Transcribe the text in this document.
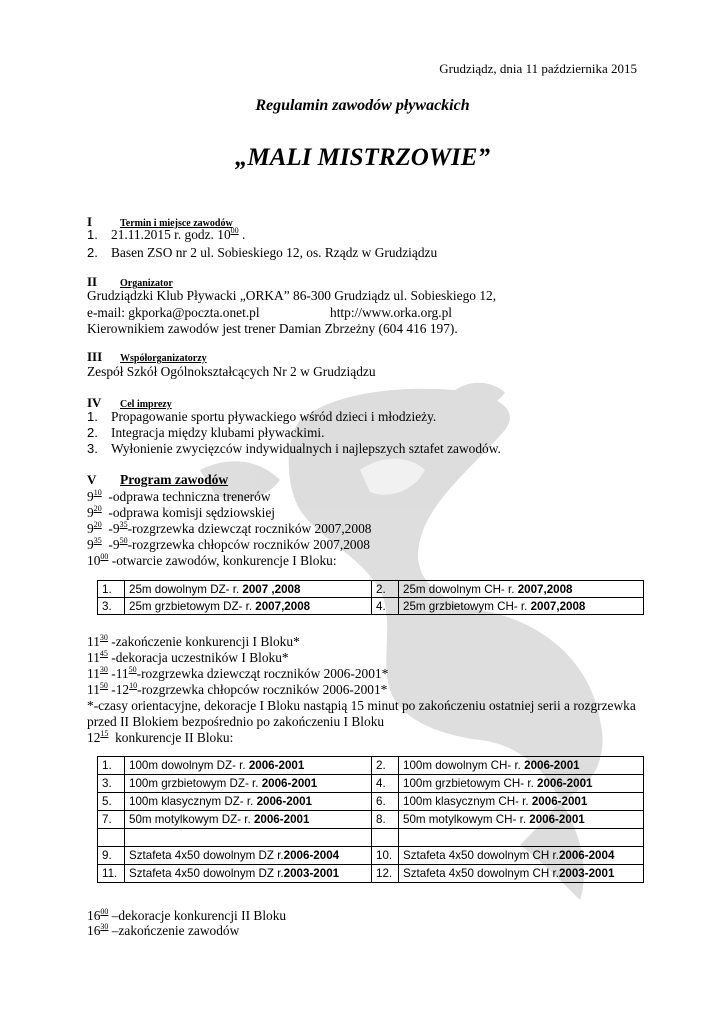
Grudziądz, dnia 11 października 2015
Regulamin zawodów pływackich
„MALI MISTRZOWIE”
I	Termin i miejsce zawodów
1. 21.11.2015 r. godz. $10^{00}$ .
2. Basen ZSO nr 2 ul. Sobieskiego 12, os. Rządz w Grudziądzu
II Organizator
Grudziądzki Klub Pływacki „ORKA” 86-300 Grudziądz ul. Sobieskiego 12,
e-mail: gkporka@poczta.onet.pl	http://www.orka.org.pl
Kierownikiem zawodów jest trener Damian Zbrzeżny (604 416 197).
III Współorganizatorzy
Zespół Szkół Ogólnokształcących Nr 2 w Grudziądzu
IV Cel imprezy
1. Propagowanie sportu pływackiego wśród dzieci i młodzieży.
2. Integracja między klubami pływackimi.
3. Wyłonienie zwycięzców indywidualnych i najlepszych sztafet zawodów.
V Program zawodów
$9^{10}$  -odprawa techniczna trenerów
$9^{20}$  -odprawa komisji sędziowskiej
$9^{20}$  $-9^{35}$-rozgrzewka dziewcząt roczników 2007,2008
$9^{35}$  $-9^{50}$-rozgrzewka chłopców roczników 2007,2008
$10^{00}$ -otwarcie zawodów, konkurencje I Bloku:
1.	25m dowolnym DZ- r. 2007 ,2008	2.	25m dowolnym CH- r. 2007,2008
3.	25m grzbietowym DZ- r. 2007,2008	4.	25m grzbietowym CH- r. 2007,2008
$11^{30}$ -zakończenie konkurencji I Bloku*
$11^{45}$ -dekoracja uczestników I Bloku*
$11^{30}$ $-11^{50}$-rozgrzewka dziewcząt roczników 2006-2001*
$11^{50}$ $-12^{10}$-rozgrzewka chłopców roczników 2006-2001*
*-czasy orientacyjne, dekoracje I Bloku nastąpią 15 minut po zakończeniu ostatniej serii a rozgrzewka
przed II Blokiem bezpośrednio po zakończeniu I Bloku
$12^{15}$  konkurencje II Bloku:
1.	100m dowolnym DZ- r. 2006-2001	2.	100m dowolnym CH- r. 2006-2001
3.	100m grzbietowym DZ- r. 2006-2001	4.	100m grzbietowym CH- r. 2006-2001
5.	100m klasycznym DZ- r. 2006-2001	6.	100m klasycznym CH- r. 2006-2001
7.	50m motylkowym DZ- r. 2006-2001	8.	50m motylkowym CH- r. 2006-2001

9.	Sztafeta 4x50 dowolnym DZ r.2006-2004	10.	Sztafeta 4x50 dowolnym CH r.2006-2004
11.	Sztafeta 4x50 dowolnym DZ r.2003-2001	12.	Sztafeta 4x50 dowolnym CH r.2003-2001
$16^{00}$ –dekoracje konkurencji II Bloku
$16^{30}$ –zakończenie zawodów
